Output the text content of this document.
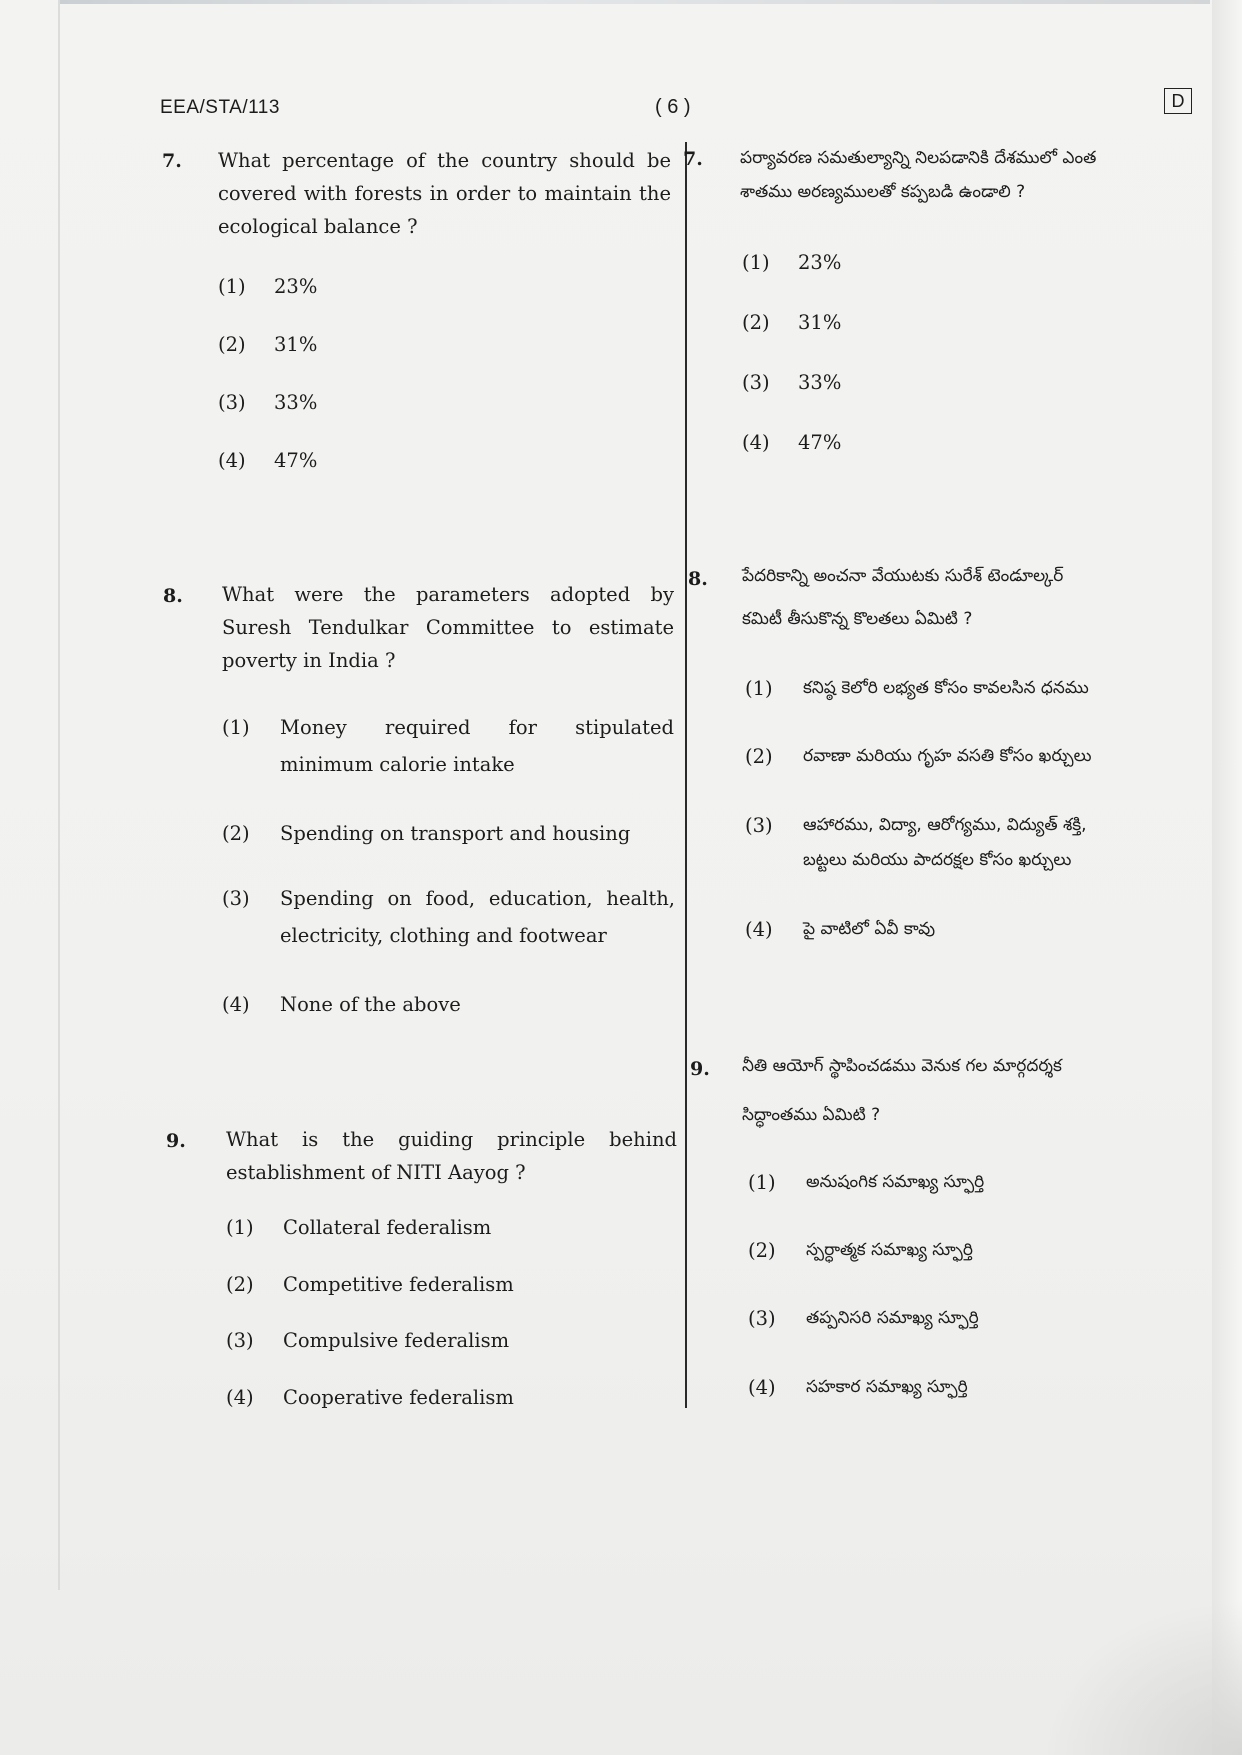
EEA/STA/113	( 6 )	D
7. What percentage of the country should be covered with forests in order to maintain the ecological balance ?
(1) 23%
(2) 31%
(3) 33%
(4) 47%
8. What were the parameters adopted by Suresh Tendulkar Committee to estimate poverty in India ?
(1) Money required for stipulated minimum calorie intake
(2) Spending on transport and housing
(3) Spending on food, education, health, electricity, clothing and footwear
(4) None of the above
9. What is the guiding principle behind establishment of NITI Aayog ?
(1) Collateral federalism
(2) Competitive federalism
(3) Compulsive federalism
(4) Cooperative federalism
7. పర్యావరణ సమతుల్యాన్ని నిలపడానికి దేశములో ఎంత
శాతము అరణ్యములతో కప్పబడి ఉండాలి ?
(1) 23%
(2) 31%
(3) 33%
(4) 47%
8. పేదరికాన్ని అంచనా వేయుటకు సురేశ్ టెండూల్కర్
కమిటీ తీసుకొన్న కొలతలు ఏమిటి ?
(1) కనిష్ఠ కెలోరి లభ్యత కోసం కావలసిన ధనము
(2) రవాణా మరియు గృహ వసతి కోసం ఖర్చులు
(3) ఆహారము, విద్యా, ఆరోగ్యము, విద్యుత్ శక్తి,
బట్టలు మరియు పాదరక్షల కోసం ఖర్చులు
(4) పై వాటిలో ఏవీ కావు
9. నీతి ఆయోగ్ స్థాపించడము వెనుక గల మార్గదర్శక
సిద్ధాంతము ఏమిటి ?
(1) అనుషంగిక సమాఖ్య స్ఫూర్తి
(2) స్పర్ధాత్మక సమాఖ్య స్ఫూర్తి
(3) తప్పనిసరి సమాఖ్య స్ఫూర్తి
(4) సహకార సమాఖ్య స్ఫూర్తి
